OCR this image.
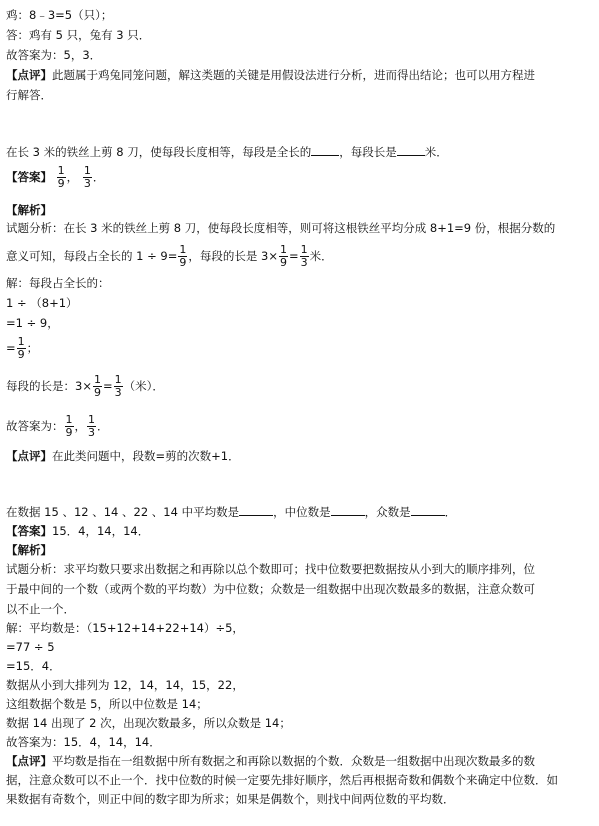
鸡：8﹣3=5（只）；
答：鸡有 5 只，兔有 3 只．
故答案为：5，3．
【点评】此题属于鸡兔同笼问题，解这类题的关键是用假设法进行分析，进而得出结论；也可以用方程进
行解答．
在长 3 米的铁丝上剪 8 刀，使每段长度相等，每段是全长的 ，每段长是 米．
【答案】 $\frac{1}{9}$ ， $\frac{1}{3}$ ．
【解析】
试题分析：在长 3 米的铁丝上剪 8 刀，使每段长度相等，则可将这根铁丝平均分成 8+1=9 份，根据分数的
意义可知，每段占全长的 $1 \div 9= \frac{1}{9}$ ，每段的长是 $3\times \frac{1}{9} = \frac{1}{3}$ 米．
解：每段占全长的：
1 ÷ （8+1）
=1 ÷ 9，
= $\frac{1}{9}$ ；
每段的长是：$3\times \frac{1}{9} = \frac{1}{3}$ （米）．
故答案为： $\frac{1}{9}$ ， $\frac{1}{3}$ ．
【点评】在此类问题中，段数=剪的次数+1．
在数据 15 、12 、14 、22 、14 中平均数是	，中位数是	，众数是	．
【答案】15．4，14，14．
【解析】
试题分析：求平均数只要求出数据之和再除以总个数即可；找中位数要把数据按从小到大的顺序排列，位
于最中间的一个数（或两个数的平均数）为中位数；众数是一组数据中出现次数最多的数据，注意众数可
以不止一个．
解：平均数是：（15+12+14+22+14）÷5，
=77 ÷ 5
=15．4．
数据从小到大排列为 12，14，14，15，22，
这组数据个数是 5，所以中位数是 14；
数据 14 出现了 2 次，出现次数最多，所以众数是 14；
故答案为：15．4，14，14．
【点评】平均数是指在一组数据中所有数据之和再除以数据的个数．众数是一组数据中出现次数最多的数
据，注意众数可以不止一个．找中位数的时候一定要先排好顺序，然后再根据奇数和偶数个来确定中位数．如
果数据有奇数个，则正中间的数字即为所求；如果是偶数个，则找中间两位数的平均数．
